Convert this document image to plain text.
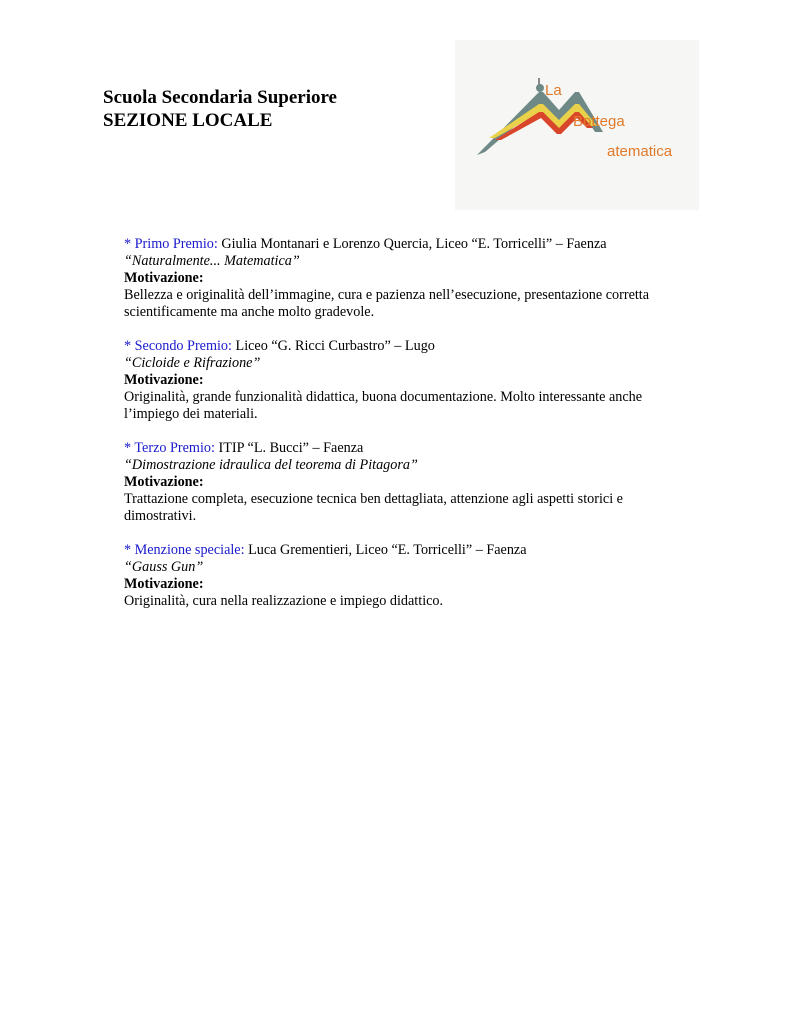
Scuola Secondaria Superiore
SEZIONE LOCALE
La
Bottega
atematica
* Primo Premio: Giulia Montanari e Lorenzo Quercia, Liceo “E. Torricelli” – Faenza
“Naturalmente... Matematica”
Motivazione:
Bellezza e originalità dell’immagine, cura e pazienza nell’esecuzione, presentazione corretta scientificamente ma anche molto gradevole.
* Secondo Premio: Liceo “G. Ricci Curbastro” – Lugo
“Cicloide e Rifrazione”
Motivazione:
Originalità, grande funzionalità didattica, buona documentazione. Molto interessante anche l’impiego dei materiali.
* Terzo Premio: ITIP “L. Bucci” – Faenza
“Dimostrazione idraulica del teorema di Pitagora”
Motivazione:
Trattazione completa, esecuzione tecnica ben dettagliata, attenzione agli aspetti storici e dimostrativi.
* Menzione speciale: Luca Grementieri, Liceo “E. Torricelli” – Faenza
“Gauss Gun”
Motivazione:
Originalità, cura nella realizzazione e impiego didattico.
